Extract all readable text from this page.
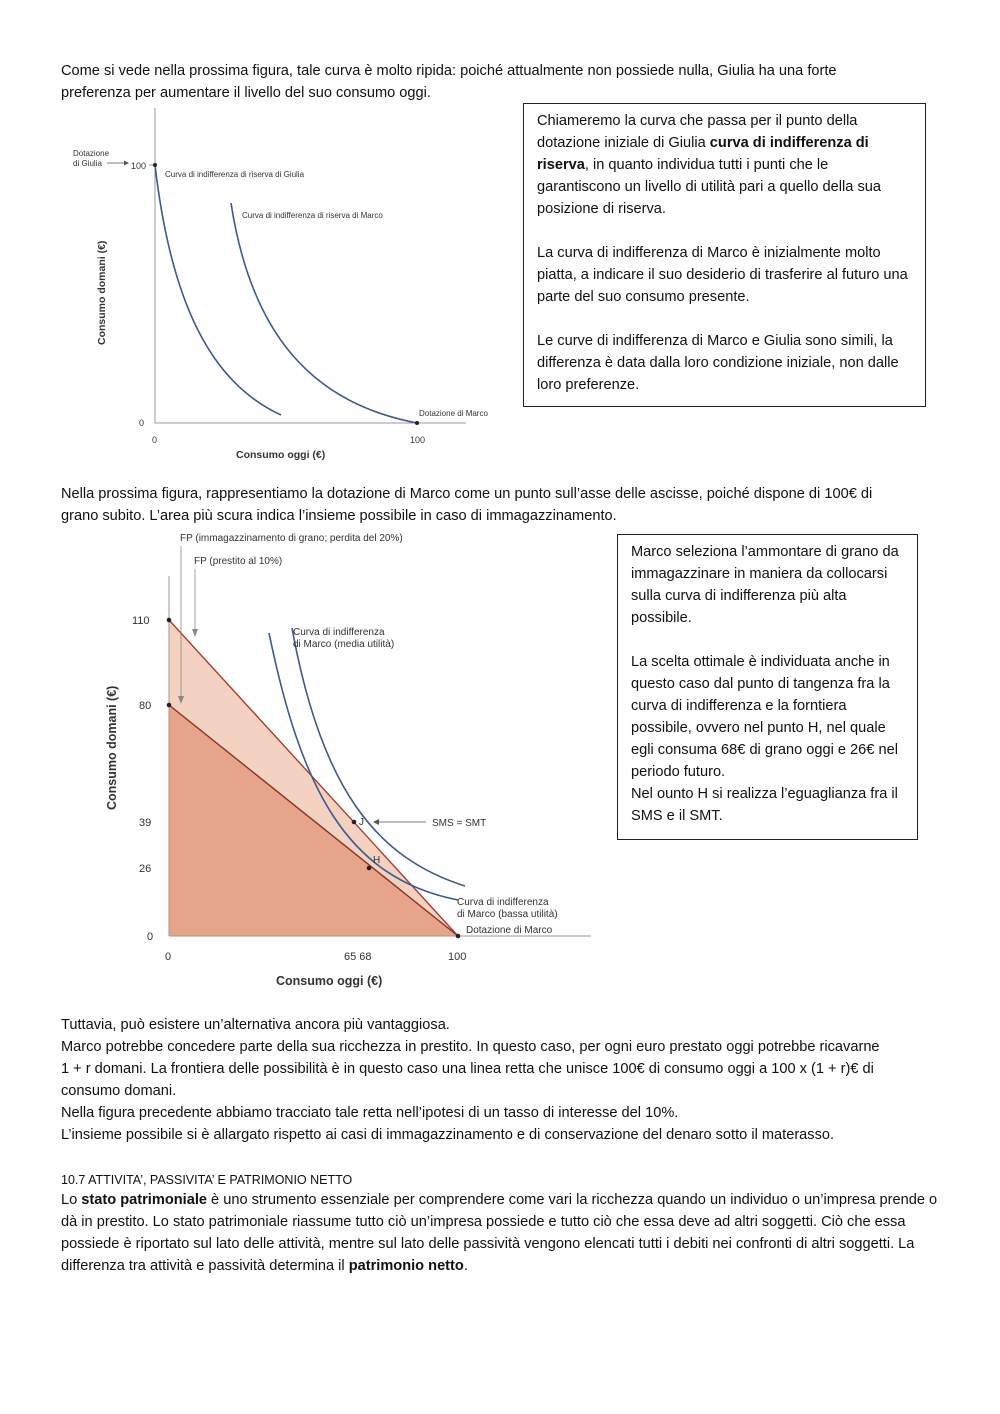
Come si vede nella prossima figura, tale curva è molto ripida: poiché attualmente non possiede nulla, Giulia ha una forte
preferenza per aumentare il livello del suo consumo oggi.

100
0
0	100
Dotazione
di Giulia
Curva di indifferenza di riserva di Giulia
Curva di indifferenza di riserva di Marco
Dotazione di Marco
Consumo domani (€)
Consumo oggi (€)

Chiameremo la curva che passa per il punto della dotazione iniziale di Giulia curva di indifferenza di riserva, in quanto individua tutti i punti che le garantiscono un livello di utilità pari a quello della sua posizione di riserva.

La curva di indifferenza di Marco è inizialmente molto piatta, a indicare il suo desiderio di trasferire al futuro una parte del suo consumo presente.

Le curve di indifferenza di Marco e Giulia sono simili, la differenza è data dalla loro condizione iniziale, non dalle loro preferenze.

Nella prossima figura, rappresentiamo la dotazione di Marco come un punto sull’asse delle ascisse, poiché dispone di 100€ di
grano subito. L’area più scura indica l’insieme possibile in caso di immagazzinamento.

J
H
SMS = SMT
FP (immagazzinamento di grano; perdita del 20%)
FP (prestito al 10%)
Curva di indifferenza
di Marco (media utilità)
Curva di indifferenza
di Marco (bassa utilità)
Dotazione di Marco
110
80
39
26
0
0	65 68	100
Consumo domani (€)
Consumo oggi (€)

Marco seleziona l’ammontare di grano da immagazzinare in maniera da collocarsi sulla curva di indifferenza più alta possibile.

La scelta ottimale è individuata anche in questo caso dal punto di tangenza fra la curva di indifferenza e la forntiera possibile, ovvero nel punto H, nel quale egli consuma 68€ di grano oggi e 26€ nel periodo futuro.
Nel ounto H si realizza l’eguaglianza fra il SMS e il SMT.

Tuttavia, può esistere un’alternativa ancora più vantaggiosa.
Marco potrebbe concedere parte della sua ricchezza in prestito. In questo caso, per ogni euro prestato oggi potrebbe ricavarne
1 + r domani. La frontiera delle possibilità è in questo caso una linea retta che unisce 100€ di consumo oggi a 100 x (1 + r)€ di
consumo domani.
Nella figura precedente abbiamo tracciato tale retta nell’ipotesi di un tasso di interesse del 10%.
L’insieme possibile si è allargato rispetto ai casi di immagazzinamento e di conservazione del denaro sotto il materasso.

10.7 ATTIVITA’, PASSIVITA’ E PATRIMONIO NETTO

Lo stato patrimoniale è uno strumento essenziale per comprendere come vari la ricchezza quando un individuo o un’impresa prende o dà in prestito. Lo stato patrimoniale riassume tutto ciò un’impresa possiede e tutto ciò che essa deve ad altri soggetti. Ciò che essa possiede è riportato sul lato delle attività, mentre sul lato delle passività vengono elencati tutti i debiti nei confronti di altri soggetti. La differenza tra attività e passività determina il patrimonio netto.
